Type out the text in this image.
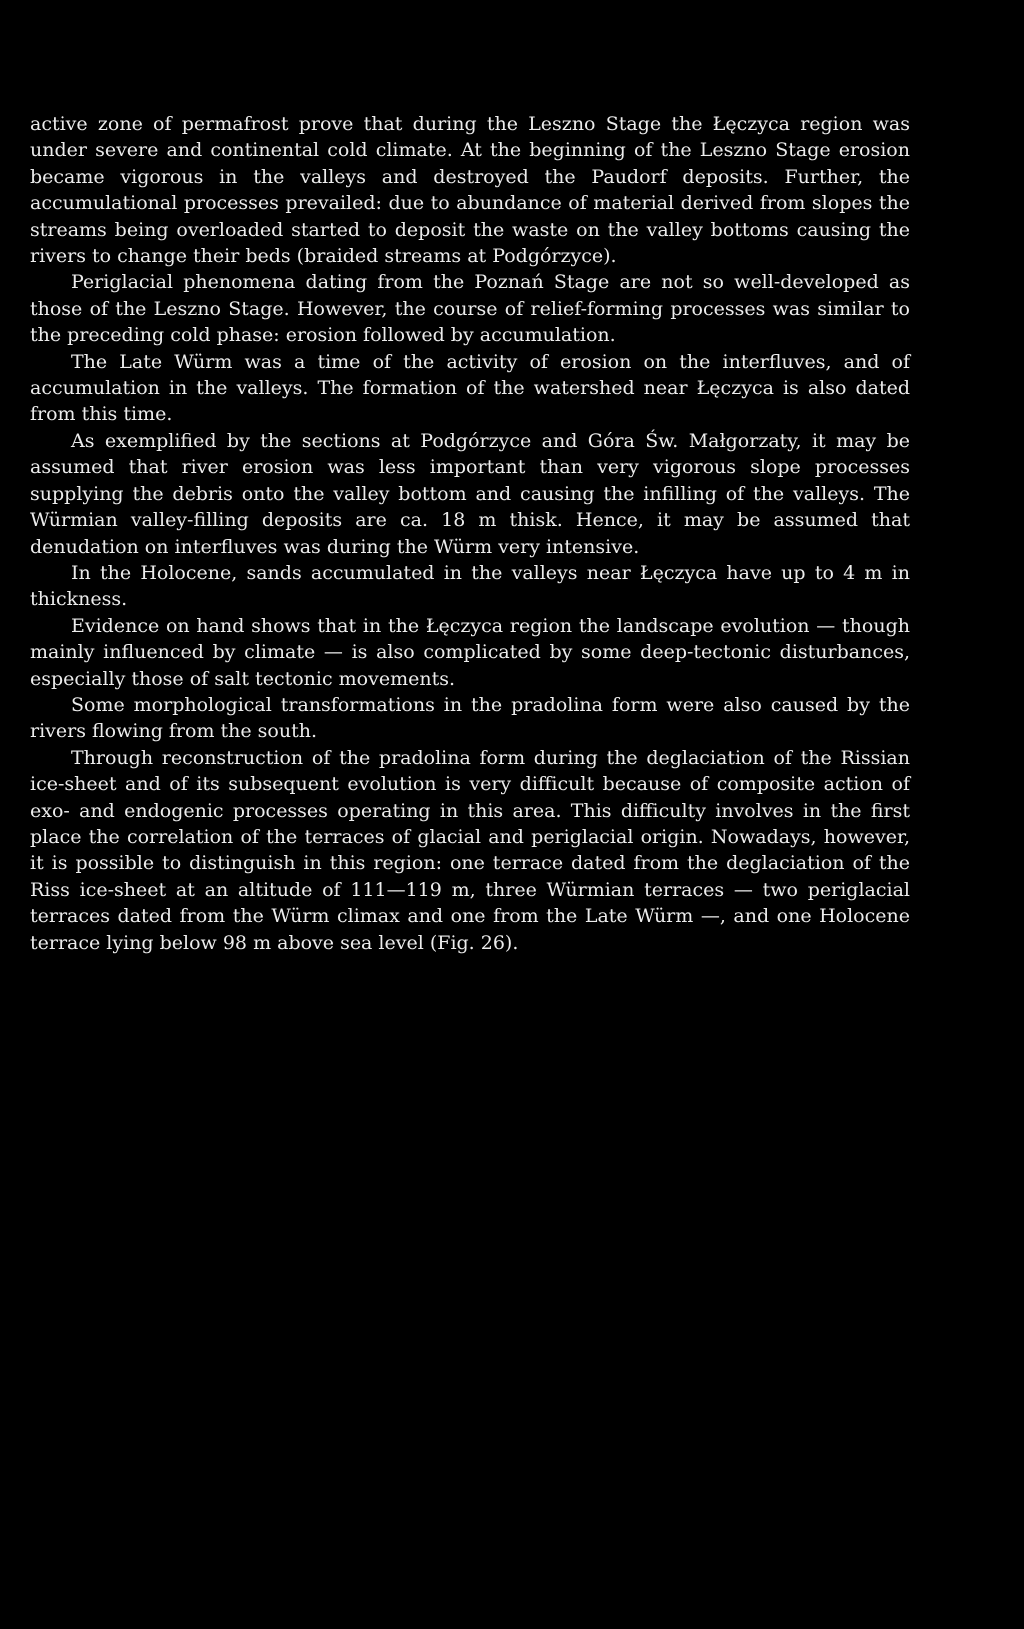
active zone of permafrost prove that during the Leszno Stage the Łęczyca region was under severe and continental cold climate. At the beginning of the Leszno Stage erosion became vigorous in the valleys and destroyed the Paudorf deposits. Further, the accumulational processes prevailed: due to abundance of material derived from slopes the streams being overloaded started to deposit the waste on the valley bottoms causing the rivers to change their beds (braided streams at Podgórzyce).

Periglacial phenomena dating from the Poznań Stage are not so well-developed as those of the Leszno Stage. However, the course of relief-forming processes was similar to the preceding cold phase: erosion followed by accumulation.

The Late Würm was a time of the activity of erosion on the interfluves, and of accumulation in the valleys. The formation of the watershed near Łęczyca is also dated from this time.

As exemplified by the sections at Podgórzyce and Góra Św. Małgorzaty, it may be assumed that river erosion was less important than very vigorous slope processes supplying the debris onto the valley bottom and causing the infilling of the valleys. The Würmian valley-filling deposits are ca. 18 m thisk. Hence, it may be assumed that denudation on interfluves was during the Würm very intensive.

In the Holocene, sands accumulated in the valleys near Łęczyca have up to 4 m in thickness.

Evidence on hand shows that in the Łęczyca region the landscape evolution — though mainly influenced by climate — is also complicated by some deep-tectonic disturbances, especially those of salt tectonic movements.

Some morphological transformations in the pradolina form were also caused by the rivers flowing from the south.

Through reconstruction of the pradolina form during the deglaciation of the Rissian ice-sheet and of its subsequent evolution is very difficult because of composite action of exo- and endogenic processes operating in this area. This difficulty involves in the first place the correlation of the terraces of glacial and periglacial origin. Nowadays, however, it is possible to distinguish in this region: one terrace dated from the deglaciation of the Riss ice-sheet at an altitude of 111—119 m, three Würmian terraces — two periglacial terraces dated from the Würm climax and one from the Late Würm —, and one Holocene terrace lying below 98 m above sea level (Fig. 26).
